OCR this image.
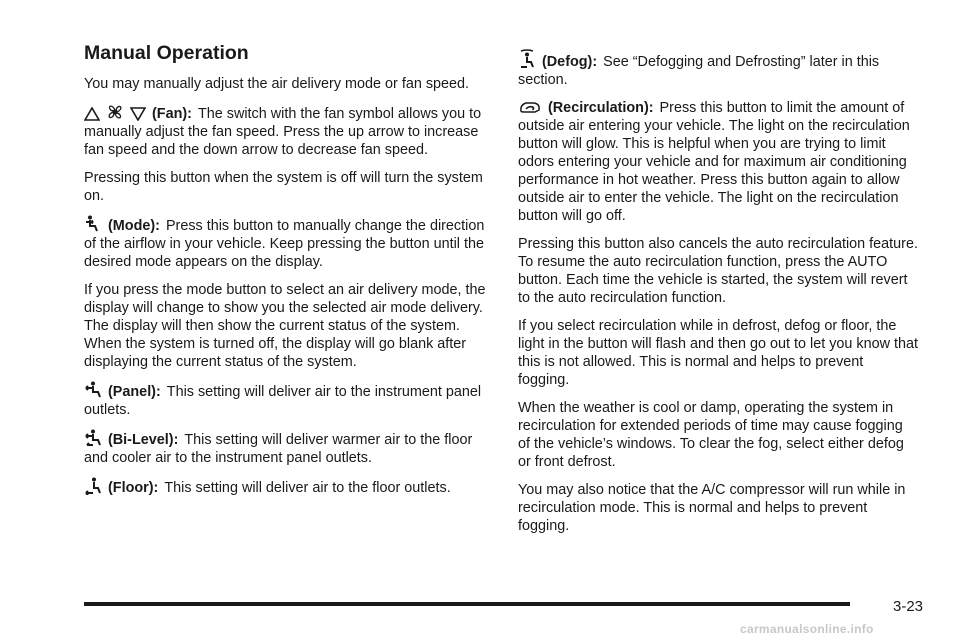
Manual Operation

You may manually adjust the air delivery mode or fan speed.

(Fan): The switch with the fan symbol allows you to manually adjust the fan speed. Press the up arrow to increase fan speed and the down arrow to decrease fan speed.

Pressing this button when the system is off will turn the system on.

(Mode): Press this button to manually change the direction of the airflow in your vehicle. Keep pressing the button until the desired mode appears on the display.

If you press the mode button to select an air delivery mode, the display will change to show you the selected air mode delivery. The display will then show the current status of the system. When the system is turned off, the display will go blank after displaying the current status of the system.

(Panel): This setting will deliver air to the instrument panel outlets.

(Bi-Level): This setting will deliver warmer air to the floor and cooler air to the instrument panel outlets.

(Floor): This setting will deliver air to the floor outlets.

(Defog): See “Defogging and Defrosting” later in this section.

(Recirculation): Press this button to limit the amount of outside air entering your vehicle. The light on the recirculation button will glow. This is helpful when you are trying to limit odors entering your vehicle and for maximum air conditioning performance in hot weather. Press this button again to allow outside air to enter the vehicle. The light on the recirculation button will go off.

Pressing this button also cancels the auto recirculation feature. To resume the auto recirculation function, press the AUTO button. Each time the vehicle is started, the system will revert to the auto recirculation function.

If you select recirculation while in defrost, defog or floor, the light in the button will flash and then go out to let you know that this is not allowed. This is normal and helps to prevent fogging.

When the weather is cool or damp, operating the system in recirculation for extended periods of time may cause fogging of the vehicle’s windows. To clear the fog, select either defog or front defrost.

You may also notice that the A/C compressor will run while in recirculation mode. This is normal and helps to prevent fogging.

3-23
carmanualsonline.info
